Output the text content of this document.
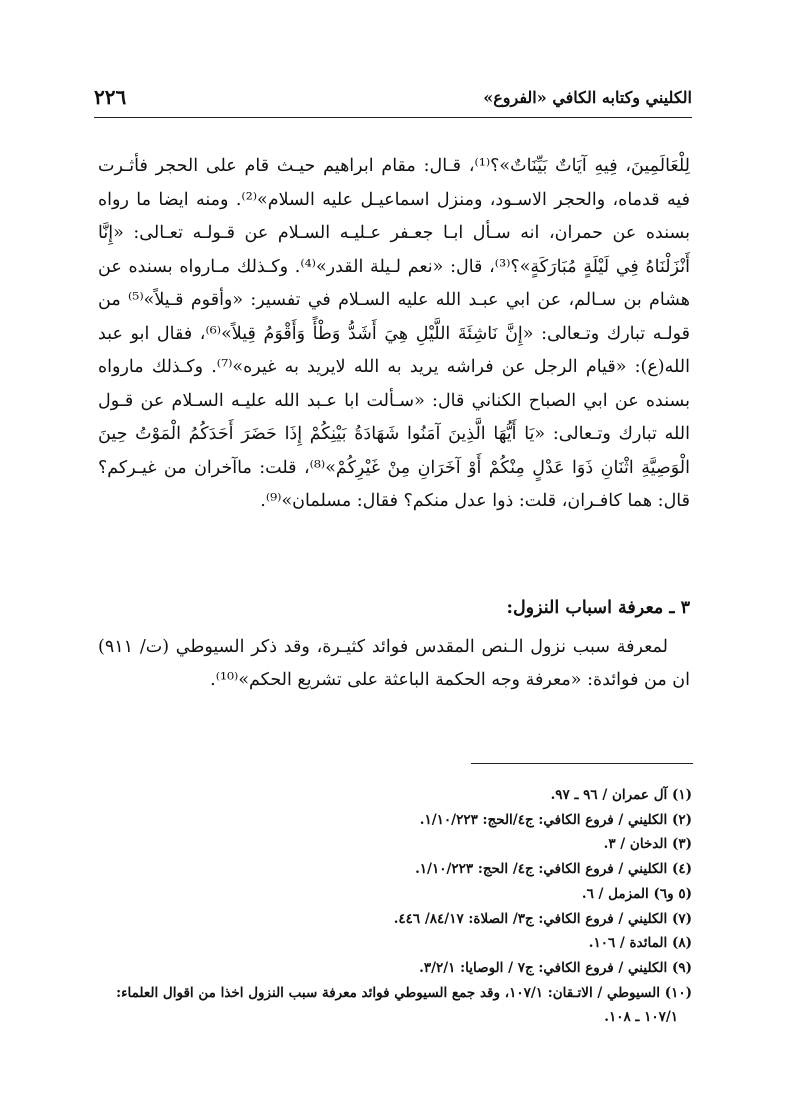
الكليني وكتابه الكافي «الفروع»
٢٢٦

لِلْعَالَمِينَ، فِيهِ آيَاتٌ بَيِّنَاتٌ»؟⁽¹⁾، قـال: مقام ابراهيم حيـث قام على الحجر فأثـرت فيه قدماه، والحجر الاسـود، ومنزل اسماعيـل عليه السلام»⁽²⁾. ومنه ايضا ما رواه بسنده عن حمران، انه سـأل ابـا جعـفر عـليـه السـلام عن قـولـه تعـالى: «إِنَّا أَنْزَلْنَاهُ فِي لَيْلَةٍ مُبَارَكَةٍ»؟⁽³⁾، قال: «نعم لـيلة القدر»⁽⁴⁾. وكـذلك مـارواه بسنده عن هشام بن سـالم، عن ابي عبـد الله عليه السـلام في تفسير: «وأقوم قـيلاً»⁽⁵⁾ من قولـه تبارك وتـعالى: «إِنَّ نَاشِئَةَ اللَّيْلِ هِيَ أَشَدُّ وَطْأً وَأَقْوَمُ قِيلاً»⁽⁶⁾، فقال ابو عبد الله(ع): «قيام الرجل عن فراشه يريد به الله لايريد به غيره»⁽⁷⁾. وكـذلك مارواه بسنده عن ابي الصباح الكناني قال: «سـألت ابا عـبد الله عليـه السـلام عن قـول الله تبارك وتـعالى: «يَا أَيُّهَا الَّذِينَ آمَنُوا شَهَادَةُ بَيْنِكُمْ إِذَا حَضَرَ أَحَدَكُمُ الْمَوْتُ حِينَ الْوَصِيَّةِ اثْنَانِ ذَوَا عَدْلٍ مِنْكُمْ أَوْ آخَرَانِ مِنْ غَيْرِكُمْ»⁽⁸⁾، قلت: ماآخران من غيـركم؟ قال: هما كافـران، قلت: ذوا عدل منكم؟ فقال: مسلمان»⁽⁹⁾.

٣ ـ معرفة اسباب النزول:

لمعرفة سبب نزول الـنص المقدس فوائد كثيـرة، وقد ذكر السيوطي (ت/ ٩١١) ان من فوائدة: «معرفة وجه الحكمة الباعثة على تشريع الحكم»⁽¹⁰⁾.

(١) آل عمران / ٩٦ ـ ٩٧.
(٢) الكليني / فروع الكافي: ج٤/الحج: ١/١٠/٢٢٣.
(٣) الدخان / ٣.
(٤) الكليني / فروع الكافي: ج٤/ الحج: ١/١٠/٢٢٣.
(٥ و٦) المزمل / ٦.
(٧) الكليني / فروع الكافي: ج٣/ الصلاة: ٨٤/١٧/ ٤٤٦.
(٨) المائدة / ١٠٦.
(٩) الكليني / فروع الكافي: ج٧ / الوصايا: ٣/٢/١.
(١٠) السيوطي / الاتـقان: ١٠٧/١، وقد جمع السيوطي فوائد معرفة سبب النزول اخذا من اقوال العلماء: ١٠٧/١ ـ ١٠٨.
